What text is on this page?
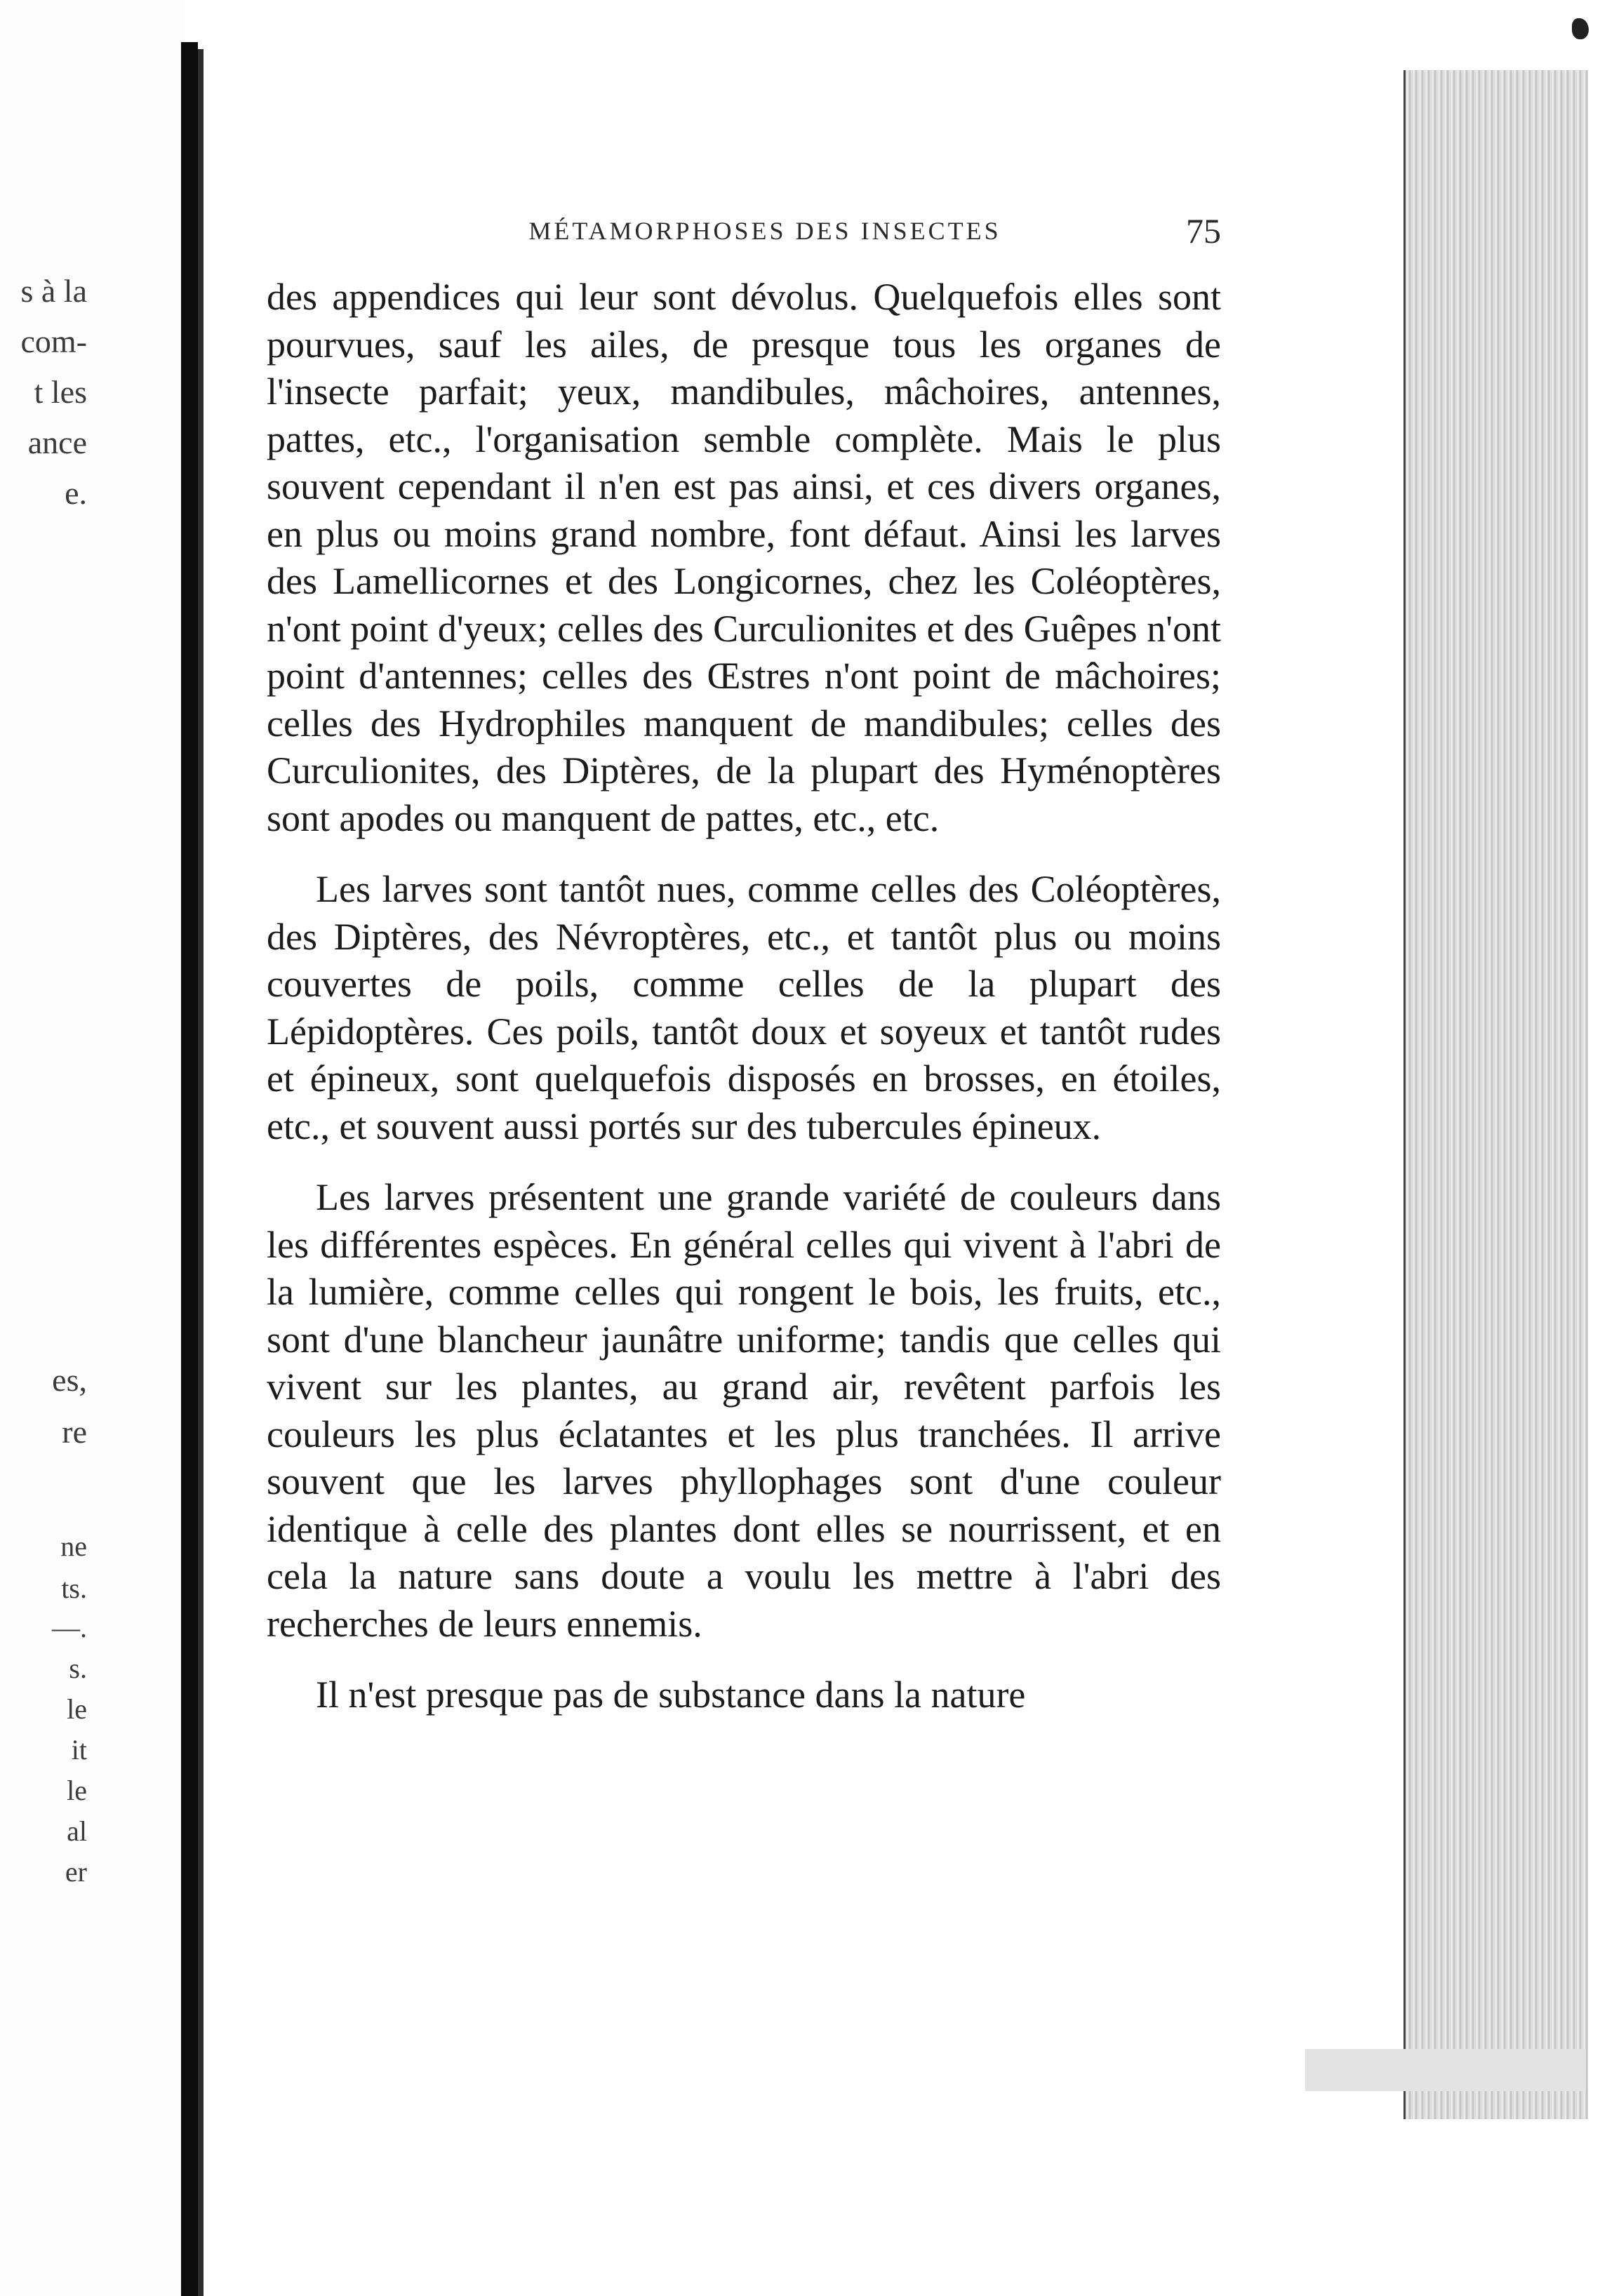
s à la
com-
t les
ance
e.
es,
re
ne
ts.
—.
s.
le
it
le
al
er
MÉTAMORPHOSES DES INSECTES	75

des appendices qui leur sont dévolus. Quelquefois elles sont pourvues, sauf les ailes, de presque tous les organes de l'insecte parfait; yeux, mandibules, mâchoires, antennes, pattes, etc., l'organisation semble complète. Mais le plus souvent cependant il n'en est pas ainsi, et ces divers organes, en plus ou moins grand nombre, font défaut. Ainsi les larves des Lamellicornes et des Longicornes, chez les Coléoptères, n'ont point d'yeux; celles des Curculionites et des Guêpes n'ont point d'antennes; celles des Œstres n'ont point de mâchoires; celles des Hydrophiles manquent de mandibules; celles des Curculionites, des Diptères, de la plupart des Hyménoptères sont apodes ou manquent de pattes, etc., etc.

Les larves sont tantôt nues, comme celles des Coléoptères, des Diptères, des Névroptères, etc., et tantôt plus ou moins couvertes de poils, comme celles de la plupart des Lépidoptères. Ces poils, tantôt doux et soyeux et tantôt rudes et épineux, sont quelquefois disposés en brosses, en étoiles, etc., et souvent aussi portés sur des tubercules épineux.

Les larves présentent une grande variété de couleurs dans les différentes espèces. En général celles qui vivent à l'abri de la lumière, comme celles qui rongent le bois, les fruits, etc., sont d'une blancheur jaunâtre uniforme; tandis que celles qui vivent sur les plantes, au grand air, revêtent parfois les couleurs les plus éclatantes et les plus tranchées. Il arrive souvent que les larves phyllophages sont d'une couleur identique à celle des plantes dont elles se nourrissent, et en cela la nature sans doute a voulu les mettre à l'abri des recherches de leurs ennemis.

Il n'est presque pas de substance dans la nature
